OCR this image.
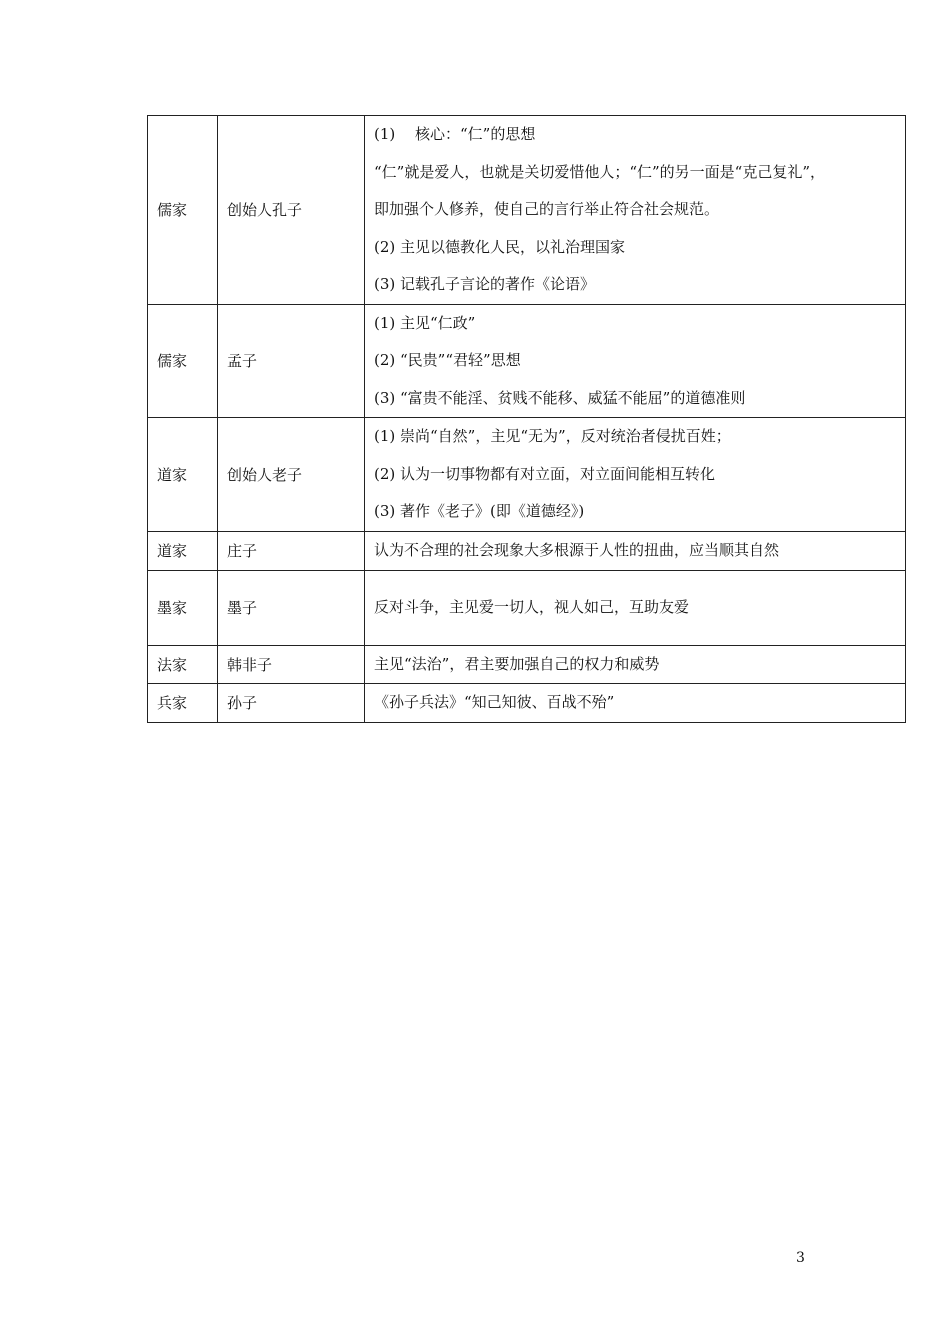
儒家	创始人孔子	(1)　 核心：“仁”的思想
“仁”就是爱人，也就是关切爱惜他人；“仁”的另一面是“克己复礼”，
即加强个人修养，使自己的言行举止符合社会规范。
(2) 主见以德教化人民，以礼治理国家
(3) 记载孔子言论的著作《论语》

儒家	孟子	(1) 主见“仁政”
(2) “民贵”“君轻”思想
(3) “富贵不能淫、贫贱不能移、威猛不能屈”的道德准则

道家	创始人老子	(1) 崇尚“自然”，主见“无为”，反对统治者侵扰百姓；
(2) 认为一切事物都有对立面，对立面间能相互转化
(3) 著作《老子》(即《道德经》)

道家	庄子	认为不合理的社会现象大多根源于人性的扭曲，应当顺其自然

墨家	墨子	反对斗争，主见爱一切人，视人如己，互助友爱

法家	韩非子	主见“法治”，君主要加强自己的权力和威势

兵家	孙子	《孙子兵法》“知己知彼、百战不殆”
3
